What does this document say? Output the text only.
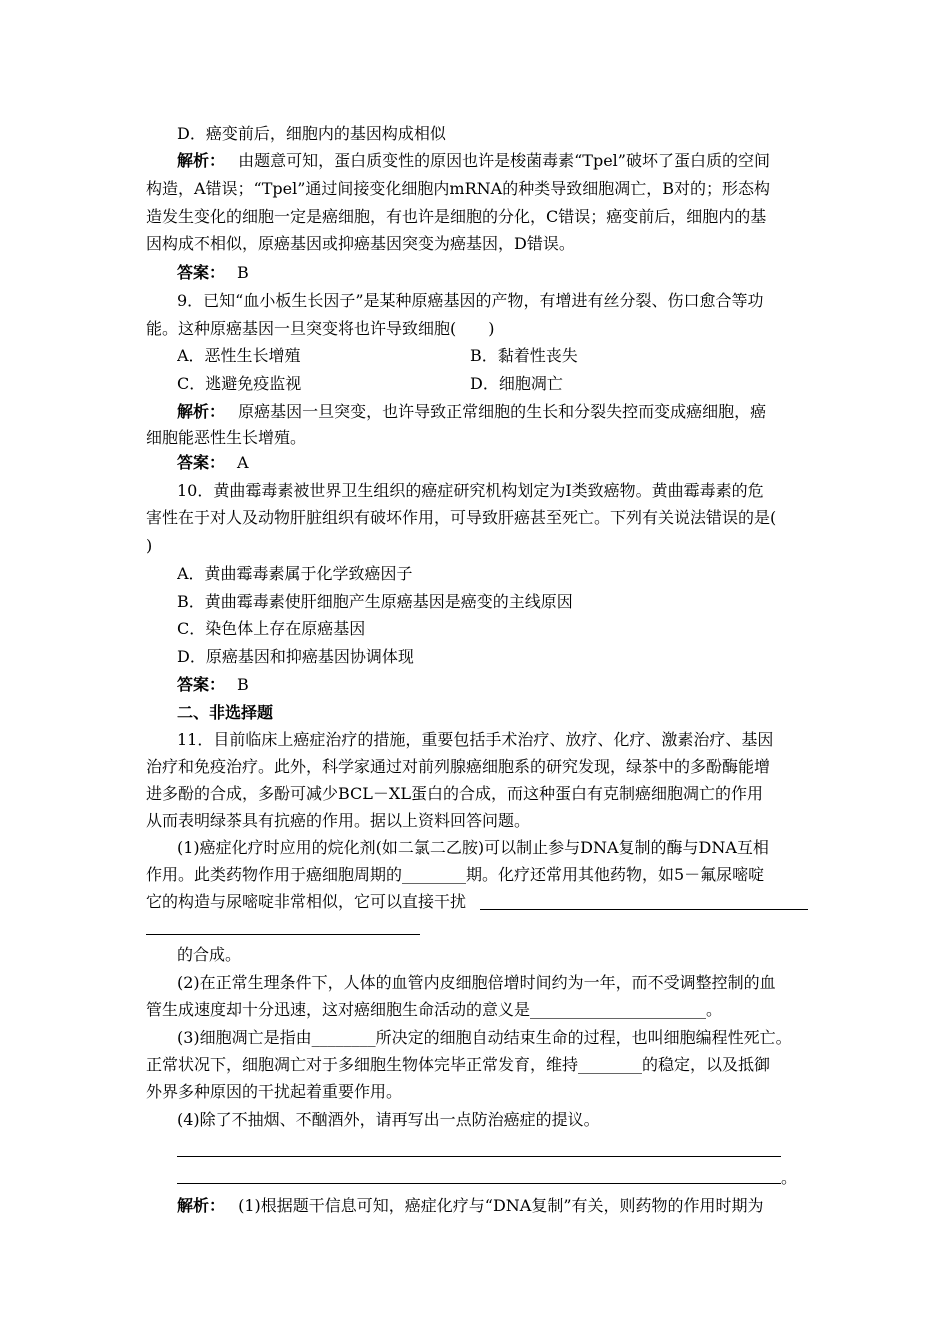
D．癌变前后，细胞内的基因构成相似
解析：　 由题意可知，蛋白质变性的原因也许是梭菌毒素“Tpel”破坏了蛋白质的空间
构造，A错误；“Tpel”通过间接变化细胞内mRNA的种类导致细胞凋亡，B对的；形态构
造发生变化的细胞一定是癌细胞，有也许是细胞的分化，C错误；癌变前后，细胞内的基
因构成不相似，原癌基因或抑癌基因突变为癌基因，D错误。
答案： B
9．已知“血小板生长因子”是某种原癌基因的产物，有增进有丝分裂、伤口愈合等功
能。这种原癌基因一旦突变将也许导致细胞(　　)
A．恶性生长增殖	B．黏着性丧失
C．逃避免疫监视	D．细胞凋亡
解析：　 原癌基因一旦突变，也许导致正常细胞的生长和分裂失控而变成癌细胞，癌
细胞能恶性生长增殖。
答案： A
10．黄曲霉毒素被世界卫生组织的癌症研究机构划定为Ⅰ类致癌物。黄曲霉毒素的危
害性在于对人及动物肝脏组织有破坏作用，可导致肝癌甚至死亡。下列有关说法错误的是(
)
A．黄曲霉毒素属于化学致癌因子
B．黄曲霉毒素使肝细胞产生原癌基因是癌变的主线原因
C．染色体上存在原癌基因
D．原癌基因和抑癌基因协调体现
答案： B
二、非选择题
11．目前临床上癌症治疗的措施，重要包括手术治疗、放疗、化疗、激素治疗、基因
治疗和免疫治疗。此外，科学家通过对前列腺癌细胞系的研究发现，绿茶中的多酚酶能增
进多酚的合成，多酚可减少BCL－XL蛋白的合成，而这种蛋白有克制癌细胞凋亡的作用
从而表明绿茶具有抗癌的作用。据以上资料回答问题。
(1)癌症化疗时应用的烷化剂(如二氯二乙胺)可以制止参与DNA复制的酶与DNA互相
作用。此类药物作用于癌细胞周期的________期。化疗还常用其他药物，如5－氟尿嘧啶
它的构造与尿嘧啶非常相似，它可以直接干扰
的合成。
(2)在正常生理条件下，人体的血管内皮细胞倍增时间约为一年，而不受调整控制的血
管生成速度却十分迅速，这对癌细胞生命活动的意义是______________________。
(3)细胞凋亡是指由________所决定的细胞自动结束生命的过程，也叫细胞编程性死亡。
正常状况下，细胞凋亡对于多细胞生物体完毕正常发育，维持________的稳定，以及抵御
外界多种原因的干扰起着重要作用。
(4)除了不抽烟、不酗酒外，请再写出一点防治癌症的提议。
。
解析：　 (1)根据题干信息可知，癌症化疗与“DNA复制”有关，则药物的作用时期为
